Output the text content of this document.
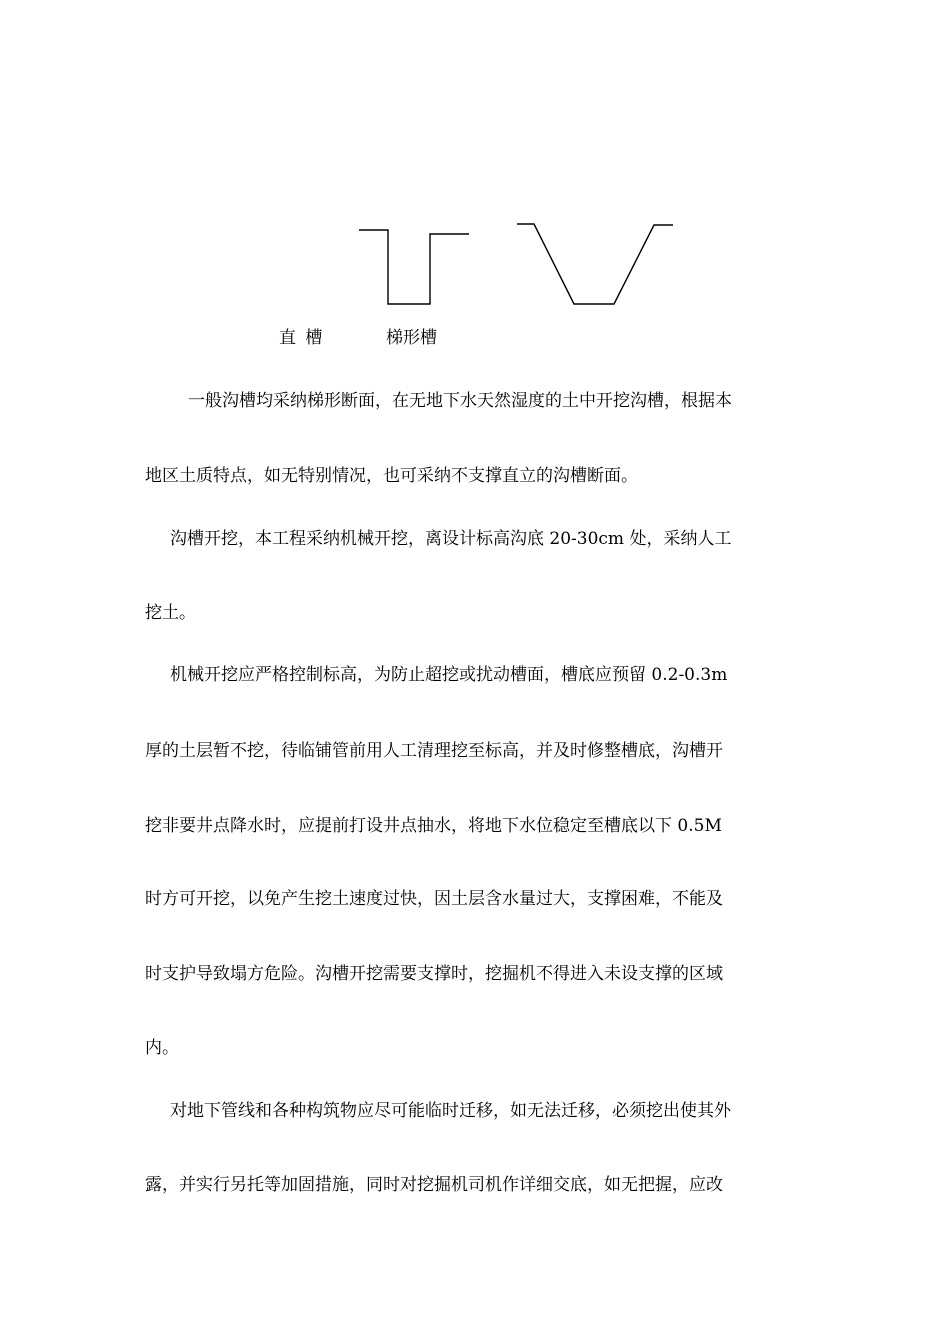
直 槽	梯形槽
一般沟槽均采纳梯形断面，在无地下水天然湿度的土中开挖沟槽，根据本
地区土质特点，如无特别情况，也可采纳不支撑直立的沟槽断面。
沟槽开挖，本工程采纳机械开挖，离设计标高沟底 20-30cm 处，采纳人工
挖土。
机械开挖应严格控制标高，为防止超挖或扰动槽面，槽底应预留 0.2-0.3m
厚的土层暂不挖，待临铺管前用人工清理挖至标高，并及时修整槽底，沟槽开
挖非要井点降水时，应提前打设井点抽水，将地下水位稳定至槽底以下 0.5M
时方可开挖，以免产生挖土速度过快，因土层含水量过大，支撑困难，不能及
时支护导致塌方危险。沟槽开挖需要支撑时，挖掘机不得进入未设支撑的区域
内。
对地下管线和各种构筑物应尽可能临时迁移，如无法迁移，必须挖出使其外
露，并实行另托等加固措施，同时对挖掘机司机作详细交底，如无把握，应改
